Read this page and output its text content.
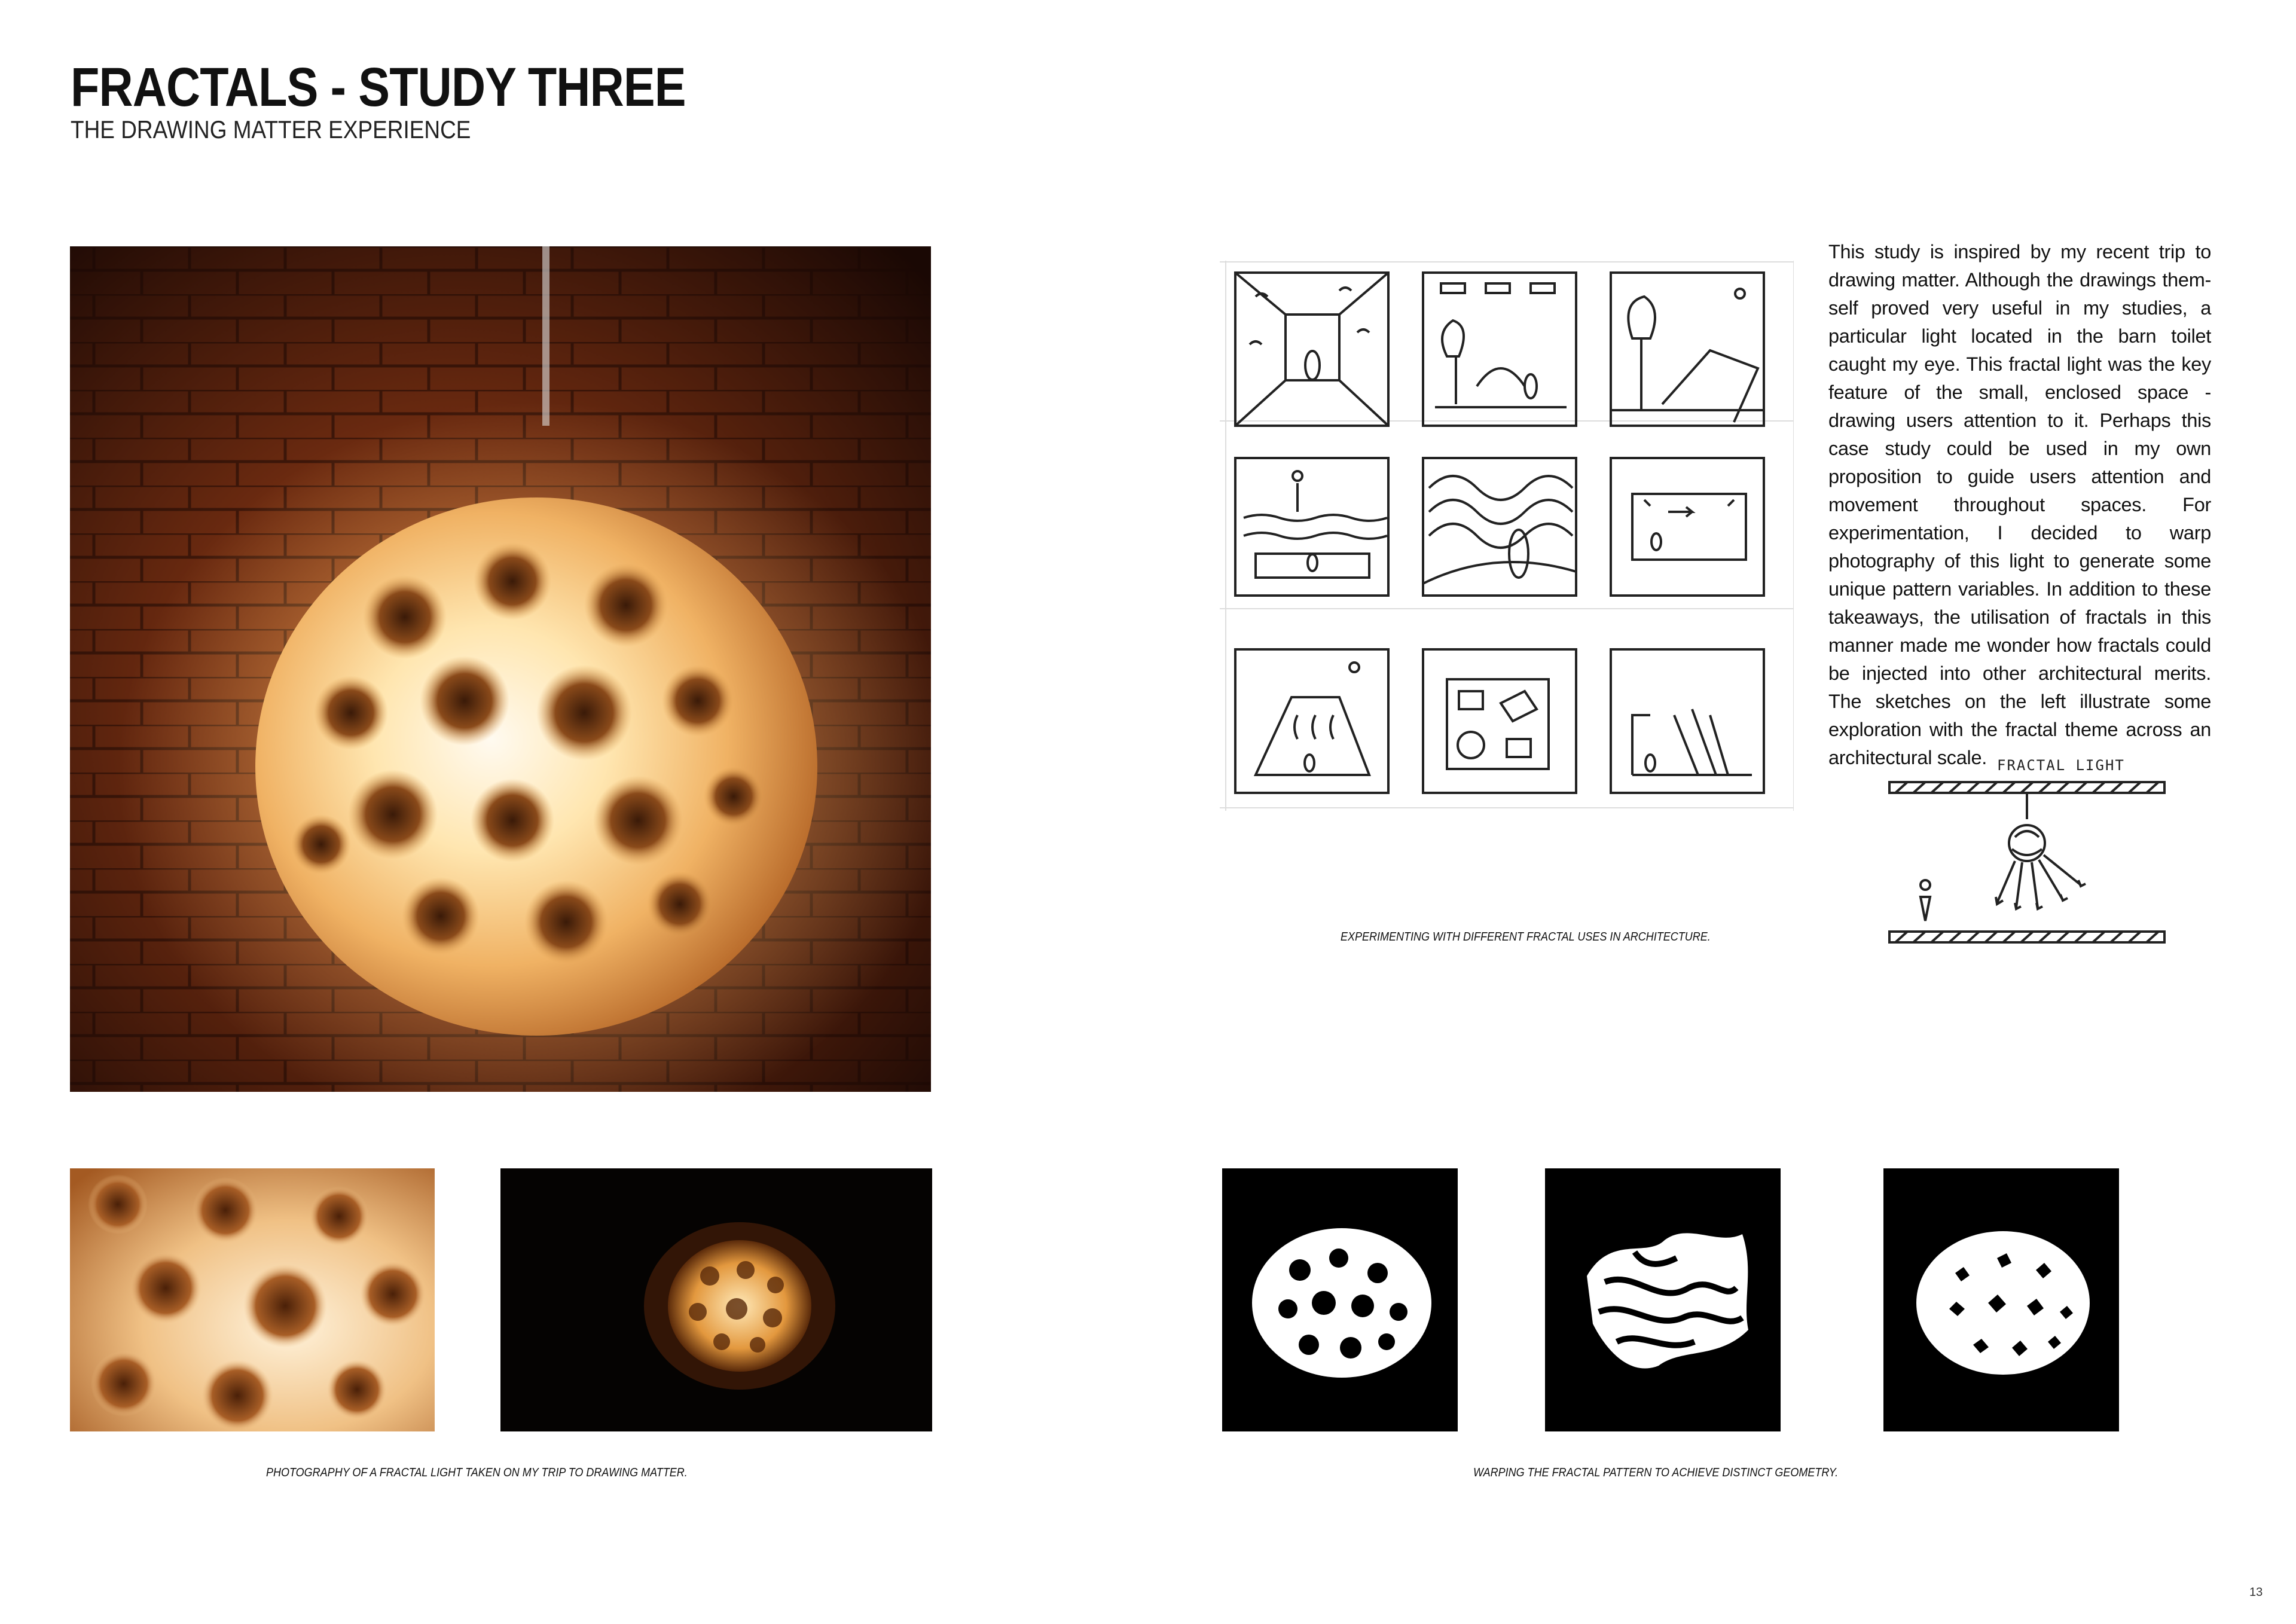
FRACTALS - STUDY THREE
THE DRAWING MATTER EXPERIENCE
This study is inspired by my recent trip to drawing matter. Although the drawings them-self proved very useful in my studies, a particular light located in the barn toilet caught my eye. This fractal light was the key feature of the small, enclosed space - drawing users attention to it. Perhaps this case study could be used in my own proposition to guide users attention and movement throughout spaces. For experimentation, I decided to warp photography of this light to generate some unique pattern variables. In addition to these takeaways, the utilisation of fractals in this manner made me wonder how fractals could be injected into other architectural merits. The sketches on the left illustrate some exploration with the fractal theme across an architectural scale. FRACTAL LIGHT
EXPERIMENTING WITH DIFFERENT FRACTAL USES IN ARCHITECTURE.
PHOTOGRAPHY OF A FRACTAL LIGHT TAKEN ON MY TRIP TO DRAWING MATTER.	WARPING THE FRACTAL PATTERN TO ACHIEVE DISTINCT GEOMETRY.
13
